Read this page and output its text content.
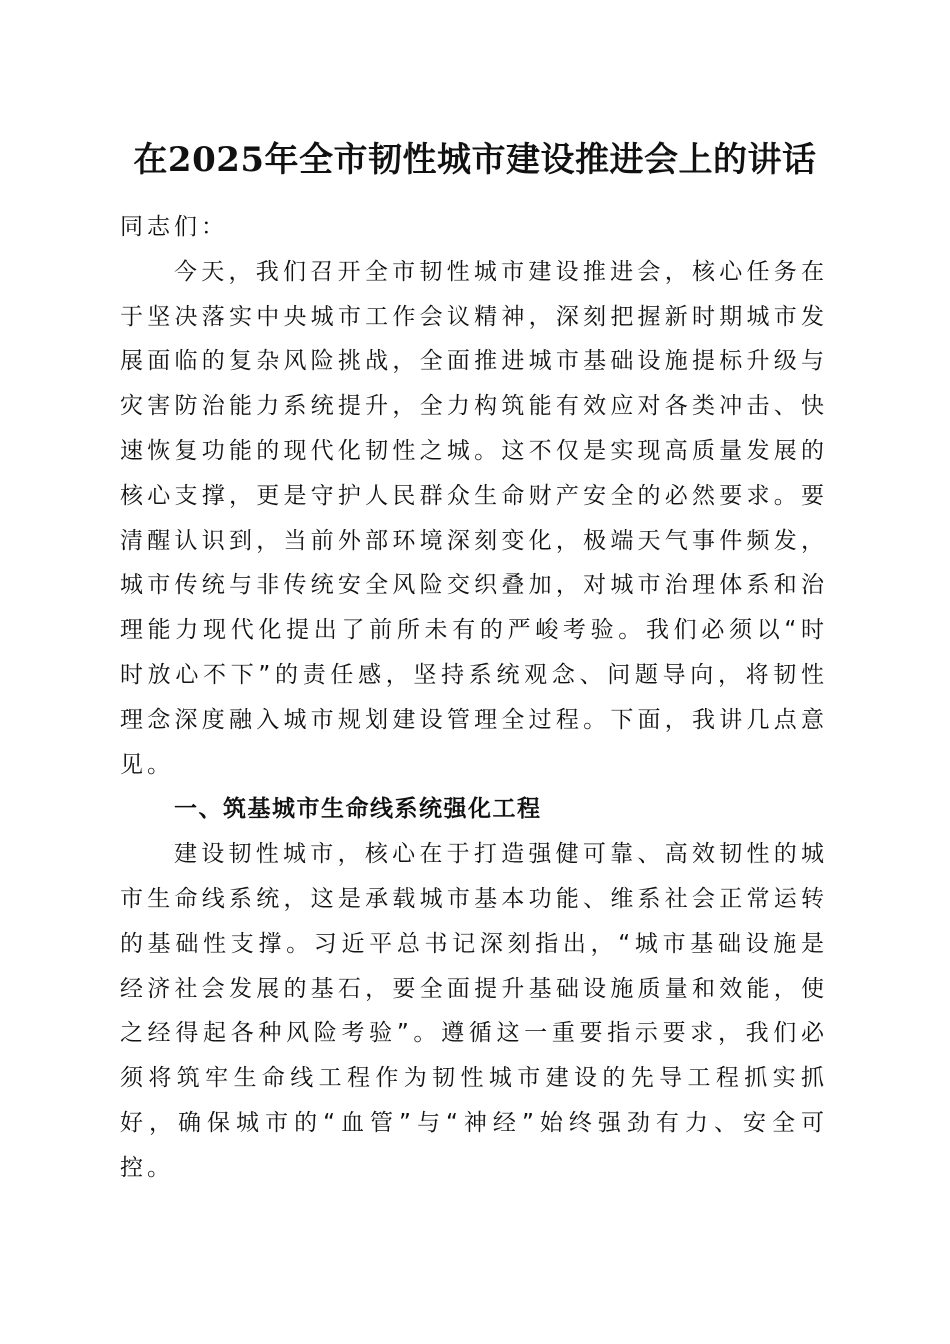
在2025年全市韧性城市建设推进会上的讲话

同志们：

今天，我们召开全市韧性城市建设推进会，核心任务在于坚决落实中央城市工作会议精神，深刻把握新时期城市发展面临的复杂风险挑战，全面推进城市基础设施提标升级与灾害防治能力系统提升，全力构筑能有效应对各类冲击、快速恢复功能的现代化韧性之城。这不仅是实现高质量发展的核心支撑，更是守护人民群众生命财产安全的必然要求。要清醒认识到，当前外部环境深刻变化，极端天气事件频发，城市传统与非传统安全风险交织叠加，对城市治理体系和治理能力现代化提出了前所未有的严峻考验。我们必须以“时时放心不下”的责任感，坚持系统观念、问题导向，将韧性理念深度融入城市规划建设管理全过程。下面，我讲几点意见。

一、筑基城市生命线系统强化工程

建设韧性城市，核心在于打造强健可靠、高效韧性的城市生命线系统，这是承载城市基本功能、维系社会正常运转的基础性支撑。习近平总书记深刻指出，“城市基础设施是经济社会发展的基石，要全面提升基础设施质量和效能，使之经得起各种风险考验”。遵循这一重要指示要求，我们必须将筑牢生命线工程作为韧性城市建设的先导工程抓实抓好，确保城市的“血管”与“神经”始终强劲有力、安全可控。
